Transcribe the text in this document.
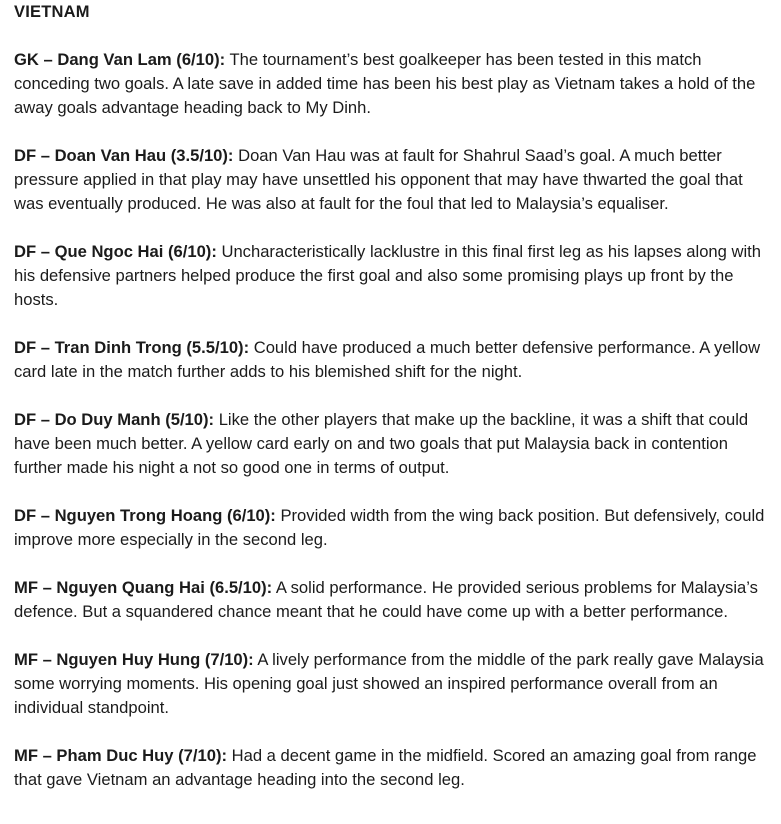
VIETNAM

GK – Dang Van Lam (6/10): The tournament’s best goalkeeper has been tested in this match conceding two goals. A late save in added time has been his best play as Vietnam takes a hold of the away goals advantage heading back to My Dinh.

DF – Doan Van Hau (3.5/10): Doan Van Hau was at fault for Shahrul Saad’s goal. A much better pressure applied in that play may have unsettled his opponent that may have thwarted the goal that was eventually produced. He was also at fault for the foul that led to Malaysia’s equaliser.

DF – Que Ngoc Hai (6/10): Uncharacteristically lacklustre in this final first leg as his lapses along with his defensive partners helped produce the first goal and also some promising plays up front by the hosts.

DF – Tran Dinh Trong (5.5/10): Could have produced a much better defensive performance. A yellow card late in the match further adds to his blemished shift for the night.

DF – Do Duy Manh (5/10): Like the other players that make up the backline, it was a shift that could have been much better. A yellow card early on and two goals that put Malaysia back in contention further made his night a not so good one in terms of output.

DF – Nguyen Trong Hoang (6/10): Provided width from the wing back position. But defensively, could improve more especially in the second leg.

MF – Nguyen Quang Hai (6.5/10): A solid performance. He provided serious problems for Malaysia’s defence. But a squandered chance meant that he could have come up with a better performance.

MF – Nguyen Huy Hung (7/10): A lively performance from the middle of the park really gave Malaysia some worrying moments. His opening goal just showed an inspired performance overall from an individual standpoint.

MF – Pham Duc Huy (7/10): Had a decent game in the midfield. Scored an amazing goal from range that gave Vietnam an advantage heading into the second leg.
